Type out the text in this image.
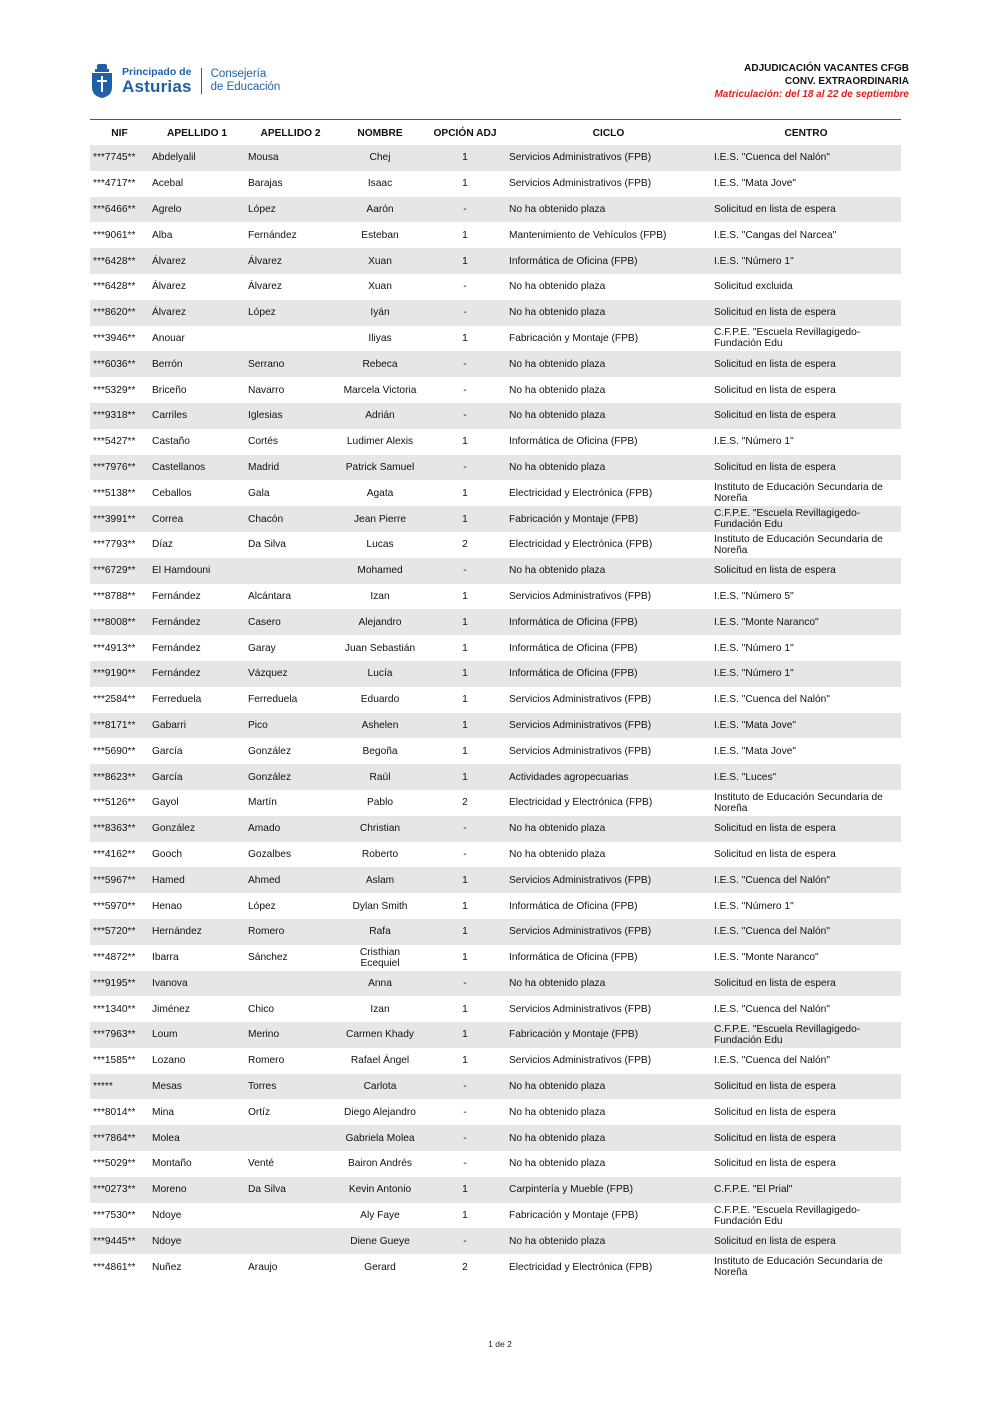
Principado de
Asturias
Consejería
de Educación
ADJUDICACIÓN VACANTES CFGB
CONV. EXTRAORDINARIA
Matriculación: del 18 al 22 de septiembre
NIF	APELLIDO 1	APELLIDO 2	NOMBRE	OPCIÓN ADJ	CICLO	CENTRO
***7745**	Abdelyalil	Mousa	Chej	1	Servicios Administrativos (FPB)	I.E.S. "Cuenca del Nalón"
***4717**	Acebal	Barajas	Isaac	1	Servicios Administrativos (FPB)	I.E.S. "Mata Jove"
***6466**	Agrelo	López	Aarón	-	No ha obtenido plaza	Solicitud en lista de espera
***9061**	Alba	Fernández	Esteban	1	Mantenimiento de Vehículos (FPB)	I.E.S. "Cangas del Narcea"
***6428**	Álvarez	Álvarez	Xuan	1	Informática de Oficina (FPB)	I.E.S. "Número 1"
***6428**	Álvarez	Álvarez	Xuan	-	No ha obtenido plaza	Solicitud excluida
***8620**	Álvarez	López	Iyán	-	No ha obtenido plaza	Solicitud en lista de espera
***3946**	Anouar		Iliyas	1	Fabricación y Montaje (FPB)	C.F.P.E. "Escuela Revillagigedo-Fundación Edu
***6036**	Berrón	Serrano	Rebeca	-	No ha obtenido plaza	Solicitud en lista de espera
***5329**	Briceño	Navarro	Marcela Victoria	-	No ha obtenido plaza	Solicitud en lista de espera
***9318**	Carriles	Iglesias	Adrián	-	No ha obtenido plaza	Solicitud en lista de espera
***5427**	Castaño	Cortés	Ludimer Alexis	1	Informática de Oficina (FPB)	I.E.S. "Número 1"
***7976**	Castellanos	Madrid	Patrick Samuel	-	No ha obtenido plaza	Solicitud en lista de espera
***5138**	Ceballos	Gala	Agata	1	Electricidad y Electrónica (FPB)	Instituto de Educación Secundaria de Noreña
***3991**	Correa	Chacón	Jean Pierre	1	Fabricación y Montaje (FPB)	C.F.P.E. "Escuela Revillagigedo-Fundación Edu
***7793**	Díaz	Da Silva	Lucas	2	Electricidad y Electrónica (FPB)	Instituto de Educación Secundaria de Noreña
***6729**	El Hamdouni		Mohamed	-	No ha obtenido plaza	Solicitud en lista de espera
***8788**	Fernández	Alcántara	Izan	1	Servicios Administrativos (FPB)	I.E.S. "Número 5"
***8008**	Fernández	Casero	Alejandro	1	Informática de Oficina (FPB)	I.E.S. "Monte Naranco"
***4913**	Fernández	Garay	Juan Sebastián	1	Informática de Oficina (FPB)	I.E.S. "Número 1"
***9190**	Fernández	Vázquez	Lucía	1	Informática de Oficina (FPB)	I.E.S. "Número 1"
***2584**	Ferreduela	Ferreduela	Eduardo	1	Servicios Administrativos (FPB)	I.E.S. "Cuenca del Nalón"
***8171**	Gabarri	Pico	Ashelen	1	Servicios Administrativos (FPB)	I.E.S. "Mata Jove"
***5690**	García	González	Begoña	1	Servicios Administrativos (FPB)	I.E.S. "Mata Jove"
***8623**	García	González	Raúl	1	Actividades agropecuarias	I.E.S. "Luces"
***5126**	Gayol	Martín	Pablo	2	Electricidad y Electrónica (FPB)	Instituto de Educación Secundaria de Noreña
***8363**	González	Amado	Christian	-	No ha obtenido plaza	Solicitud en lista de espera
***4162**	Gooch	Gozalbes	Roberto	-	No ha obtenido plaza	Solicitud en lista de espera
***5967**	Hamed	Ahmed	Aslam	1	Servicios Administrativos (FPB)	I.E.S. "Cuenca del Nalón"
***5970**	Henao	López	Dylan Smith	1	Informática de Oficina (FPB)	I.E.S. "Número 1"
***5720**	Hernández	Romero	Rafa	1	Servicios Administrativos (FPB)	I.E.S. "Cuenca del Nalón"
***4872**	Ibarra	Sánchez	Cristhian Ecequiel	1	Informática de Oficina (FPB)	I.E.S. "Monte Naranco"
***9195**	Ivanova		Anna	-	No ha obtenido plaza	Solicitud en lista de espera
***1340**	Jiménez	Chico	Izan	1	Servicios Administrativos (FPB)	I.E.S. "Cuenca del Nalón"
***7963**	Loum	Merino	Carmen Khady	1	Fabricación y Montaje (FPB)	C.F.P.E. "Escuela Revillagigedo-Fundación Edu
***1585**	Lozano	Romero	Rafael Ángel	1	Servicios Administrativos (FPB)	I.E.S. "Cuenca del Nalón"
*****	Mesas	Torres	Carlota	-	No ha obtenido plaza	Solicitud en lista de espera
***8014**	Mina	Ortíz	Diego Alejandro	-	No ha obtenido plaza	Solicitud en lista de espera
***7864**	Molea		Gabriela Molea	-	No ha obtenido plaza	Solicitud en lista de espera
***5029**	Montaño	Venté	Bairon Andrés	-	No ha obtenido plaza	Solicitud en lista de espera
***0273**	Moreno	Da Silva	Kevin Antonio	1	Carpintería y Mueble (FPB)	C.F.P.E. "El Prial"
***7530**	Ndoye		Aly Faye	1	Fabricación y Montaje (FPB)	C.F.P.E. "Escuela Revillagigedo-Fundación Edu
***9445**	Ndoye		Diene Gueye	-	No ha obtenido plaza	Solicitud en lista de espera
***4861**	Nuñez	Araujo	Gerard	2	Electricidad y Electrónica (FPB)	Instituto de Educación Secundaria de Noreña
1 de 2
